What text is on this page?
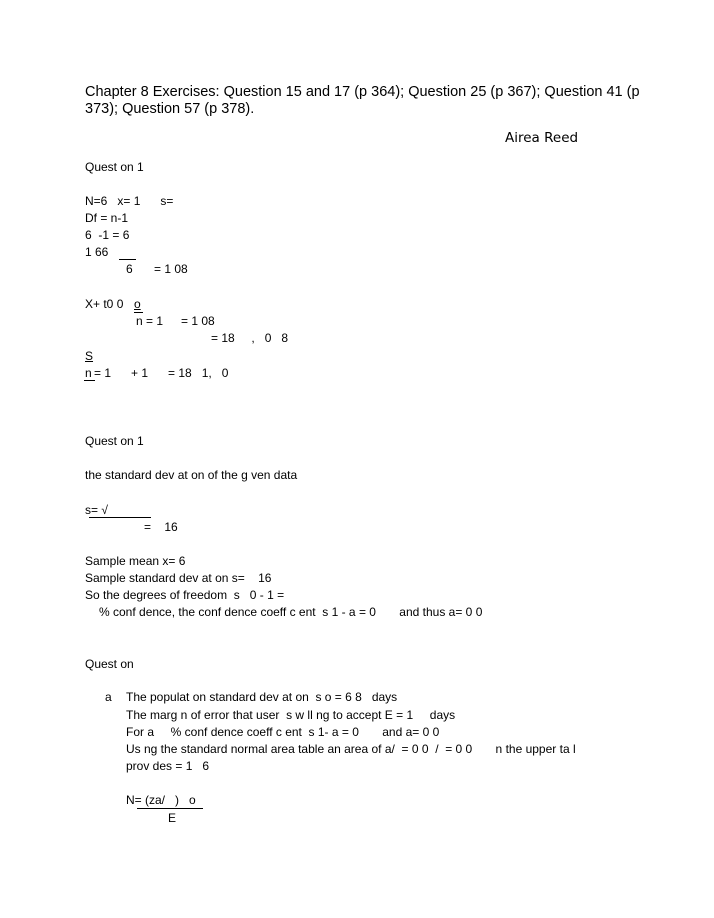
Chapter 8 Exercises: Question 15 and 17 (p 364); Question 25 (p 367); Question 41 (p 373); Question 57 (p 378).
Airea Reed
Quest on 1
N=6   x= 1      s=
Df = n-1
6  -1 = 6
1 66
6 = 1 08
X+ t0 0 o
n = 1 = 1 08
= 18     ,   0   8
S
n = 1      + 1      = 18   1,   0
Quest on 1
the standard dev at on of the g ven data
s= √
=    16
Sample mean x= 6
Sample standard dev at on s=    16
So the degrees of freedom  s   0 - 1 =
% conf dence, the conf dence coeff c ent  s 1 - a = 0       and thus a= 0 0
Quest on
a The populat on standard dev at on  s o = 6 8   days
The marg n of error that user  s w ll ng to accept E = 1     days
For a     % conf dence coeff c ent  s 1- a = 0       and a= 0 0
Us ng the standard normal area table an area of a/  = 0 0  /  = 0 0       n the upper ta l
prov des = 1   6
N= (za/   )   o
E
